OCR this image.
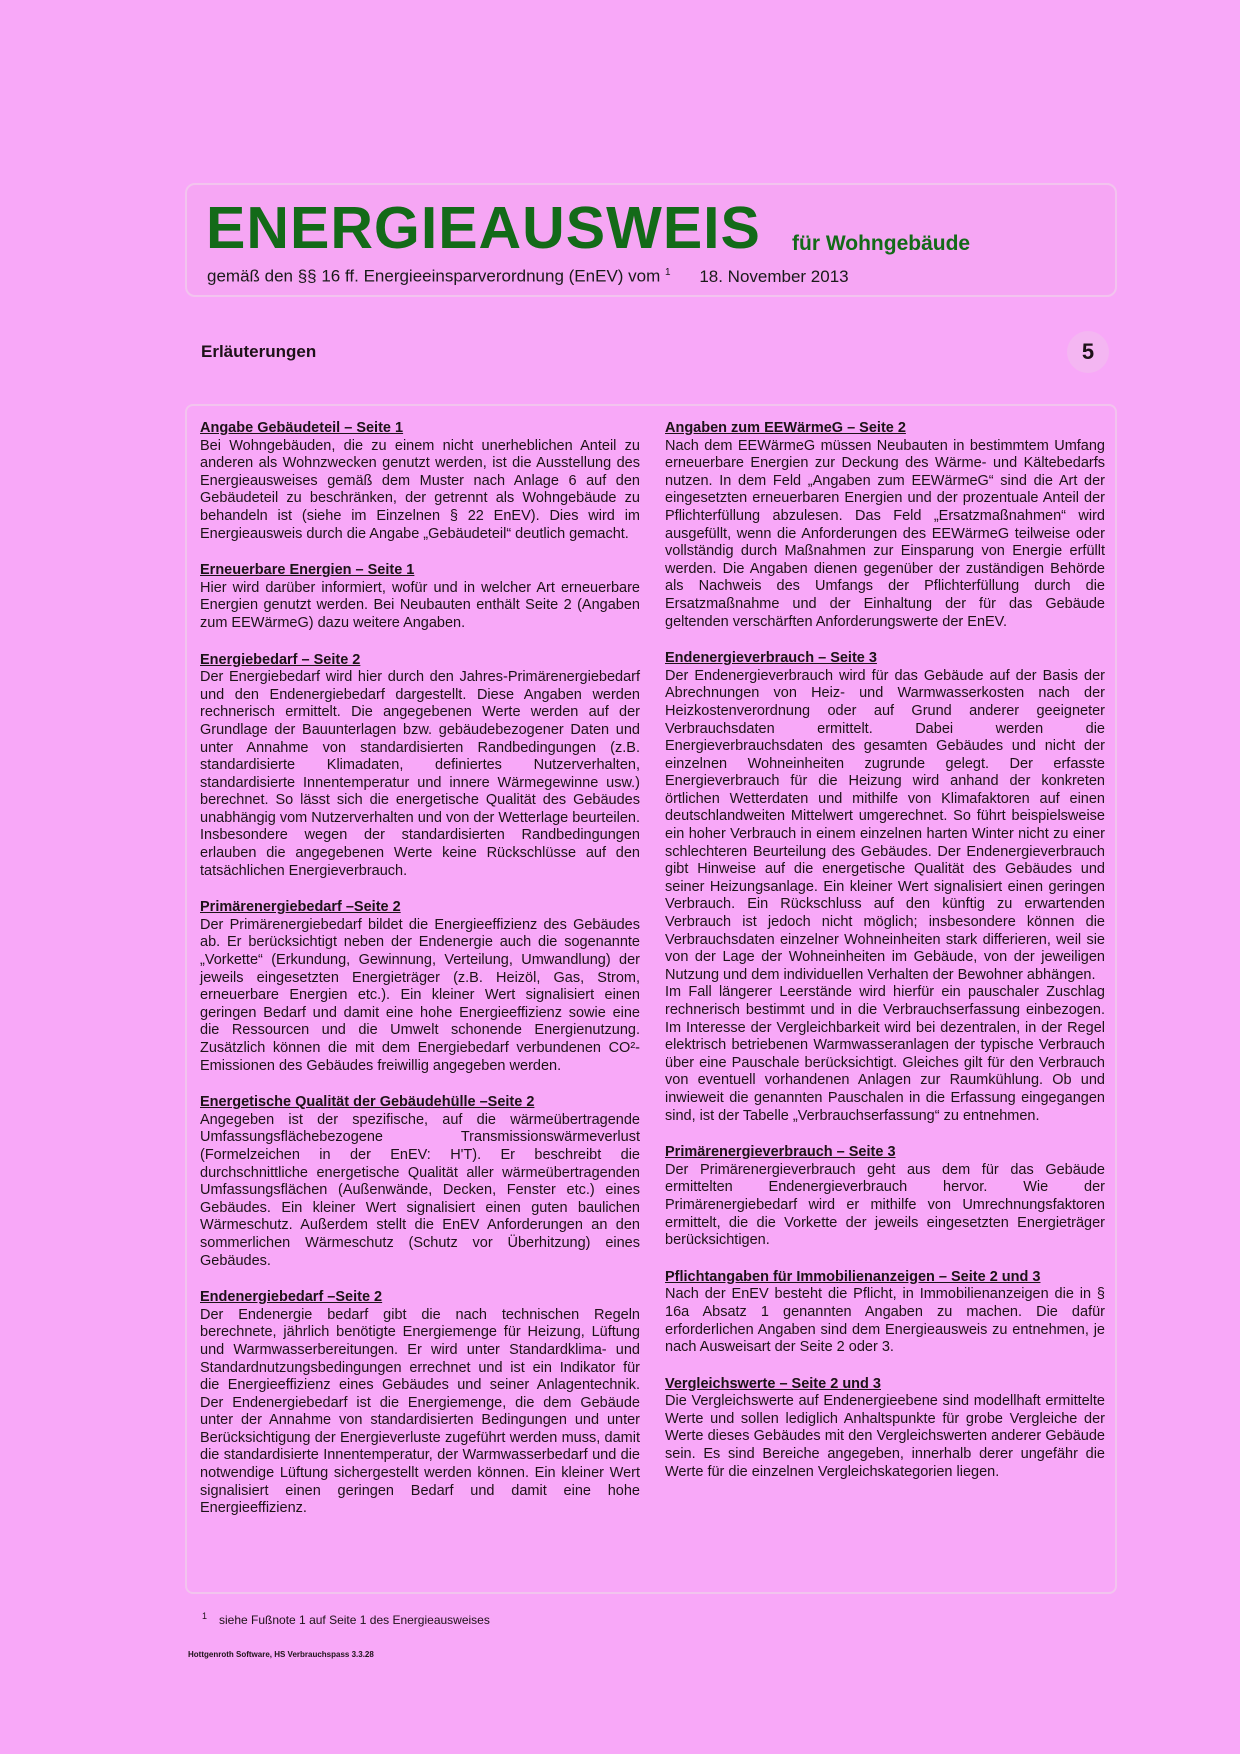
ENERGIEAUSWEIS für Wohngebäude
gemäß den §§ 16 ff. Energieeinsparverordnung (EnEV) vom $^1$ 18. November 2013
Erläuterungen	5
Angabe Gebäudeteil – Seite 1

Bei Wohngebäuden, die zu einem nicht unerheblichen Anteil zu anderen als Wohnzwecken genutzt werden, ist die Ausstellung des Energieausweises gemäß dem Muster nach Anlage 6 auf den Gebäudeteil zu beschränken, der getrennt als Wohngebäude zu behandeln ist (siehe im Einzelnen § 22 EnEV). Dies wird im Energieausweis durch die Angabe „Gebäudeteil“ deutlich gemacht.

Erneuerbare Energien – Seite 1

Hier wird darüber informiert, wofür und in welcher Art erneuerbare Energien genutzt werden. Bei Neubauten enthält Seite 2 (Angaben zum EEWärmeG) dazu weitere Angaben.

Energiebedarf – Seite 2

Der Energiebedarf wird hier durch den Jahres-Primärenergiebedarf und den Endenergiebedarf dargestellt. Diese Angaben werden rechnerisch ermittelt. Die angegebenen Werte werden auf der Grundlage der Bauunterlagen bzw. gebäudebezogener Daten und unter Annahme von standardisierten Randbedingungen (z.B. standardisierte Klimadaten, definiertes Nutzerverhalten, standardisierte Innentemperatur und innere Wärmegewinne usw.) berechnet. So lässt sich die energetische Qualität des Gebäudes unabhängig vom Nutzerverhalten und von der Wetterlage beurteilen. Insbesondere wegen der standardisierten Randbedingungen erlauben die angegebenen Werte keine Rückschlüsse auf den tatsächlichen Energieverbrauch.

Primärenergiebedarf –Seite 2

Der Primärenergiebedarf bildet die Energieeffizienz des Gebäudes ab. Er berücksichtigt neben der Endenergie auch die sogenannte „Vorkette“ (Erkundung, Gewinnung, Verteilung, Umwandlung) der jeweils eingesetzten Energieträger (z.B. Heizöl, Gas, Strom, erneuerbare Energien etc.). Ein kleiner Wert signalisiert einen geringen Bedarf und damit eine hohe Energieeffizienz sowie eine die Ressourcen und die Umwelt schonende Energienutzung. Zusätzlich können die mit dem Energiebedarf verbundenen CO²-Emissionen des Gebäudes freiwillig angegeben werden.

Energetische Qualität der Gebäudehülle –Seite 2

Angegeben ist der spezifische, auf die wärmeübertragende Umfassungsflächebezogene Transmissionswärmeverlust (Formelzeichen in der EnEV: H'T). Er beschreibt die durchschnittliche energetische Qualität aller wärmeübertragenden Umfassungsflächen (Außenwände, Decken, Fenster etc.) eines Gebäudes. Ein kleiner Wert signalisiert einen guten baulichen Wärmeschutz. Außerdem stellt die EnEV Anforderungen an den sommerlichen Wärmeschutz (Schutz vor Überhitzung) eines Gebäudes.

Endenergiebedarf –Seite 2

Der Endenergie bedarf gibt die nach technischen Regeln berechnete, jährlich benötigte Energiemenge für Heizung, Lüftung und Warmwasserbereitungen. Er wird unter Standardklima- und Standardnutzungsbedingungen errechnet und ist ein Indikator für die Energieeffizienz eines Gebäudes und seiner Anlagentechnik. Der Endenergiebedarf ist die Energiemenge, die dem Gebäude unter der Annahme von standardisierten Bedingungen und unter Berücksichtigung der Energieverluste zugeführt werden muss, damit die standardisierte Innentemperatur, der Warmwasserbedarf und die notwendige Lüftung sichergestellt werden können. Ein kleiner Wert signalisiert einen geringen Bedarf und damit eine hohe Energieeffizienz.

Angaben zum EEWärmeG – Seite 2

Nach dem EEWärmeG müssen Neubauten in bestimmtem Umfang erneuerbare Energien zur Deckung des Wärme- und Kältebedarfs nutzen. In dem Feld „Angaben zum EEWärmeG“ sind die Art der eingesetzten erneuerbaren Energien und der prozentuale Anteil der Pflichterfüllung abzulesen. Das Feld „Ersatzmaßnahmen“ wird ausgefüllt, wenn die Anforderungen des EEWärmeG teilweise oder vollständig durch Maßnahmen zur Einsparung von Energie erfüllt werden. Die Angaben dienen gegenüber der zuständigen Behörde als Nachweis des Umfangs der Pflichterfüllung durch die Ersatzmaßnahme und der Einhaltung der für das Gebäude geltenden verschärften Anforderungswerte der EnEV.

Endenergieverbrauch – Seite 3

Der Endenergieverbrauch wird für das Gebäude auf der Basis der Abrechnungen von Heiz- und Warmwasserkosten nach der Heizkostenverordnung oder auf Grund anderer geeigneter Verbrauchsdaten ermittelt. Dabei werden die Energieverbrauchsdaten des gesamten Gebäudes und nicht der einzelnen Wohneinheiten zugrunde gelegt. Der erfasste Energieverbrauch für die Heizung wird anhand der konkreten örtlichen Wetterdaten und mithilfe von Klimafaktoren auf einen deutschlandweiten Mittelwert umgerechnet. So führt beispielsweise ein hoher Verbrauch in einem einzelnen harten Winter nicht zu einer schlechteren Beurteilung des Gebäudes. Der Endenergieverbrauch gibt Hinweise auf die energetische Qualität des Gebäudes und seiner Heizungsanlage. Ein kleiner Wert signalisiert einen geringen Verbrauch. Ein Rückschluss auf den künftig zu erwartenden Verbrauch ist jedoch nicht möglich; insbesondere können die Verbrauchsdaten einzelner Wohneinheiten stark differieren, weil sie von der Lage der Wohneinheiten im Gebäude, von der jeweiligen Nutzung und dem individuellen Verhalten der Bewohner abhängen.

Im Fall längerer Leerstände wird hierfür ein pauschaler Zuschlag rechnerisch bestimmt und in die Verbrauchserfassung einbezogen. Im Interesse der Vergleichbarkeit wird bei dezentralen, in der Regel elektrisch betriebenen Warmwasseranlagen der typische Verbrauch über eine Pauschale berücksichtigt. Gleiches gilt für den Verbrauch von eventuell vorhandenen Anlagen zur Raumkühlung. Ob und inwieweit die genannten Pauschalen in die Erfassung eingegangen sind, ist der Tabelle „Verbrauchserfassung“ zu entnehmen.

Primärenergieverbrauch – Seite 3

Der Primärenergieverbrauch geht aus dem für das Gebäude ermittelten Endenergieverbrauch hervor. Wie der Primärenergiebedarf wird er mithilfe von Umrechnungsfaktoren ermittelt, die die Vorkette der jeweils eingesetzten Energieträger berücksichtigen.

Pflichtangaben für Immobilienanzeigen – Seite 2 und 3

Nach der EnEV besteht die Pflicht, in Immobilienanzeigen die in § 16a Absatz 1 genannten Angaben zu machen. Die dafür erforderlichen Angaben sind dem Energieausweis zu entnehmen, je nach Ausweisart der Seite 2 oder 3.

Vergleichswerte – Seite 2 und 3

Die Vergleichswerte auf Endenergieebene sind modellhaft ermittelte Werte und sollen lediglich Anhaltspunkte für grobe Vergleiche der Werte dieses Gebäudes mit den Vergleichswerten anderer Gebäude sein. Es sind Bereiche angegeben, innerhalb derer ungefähr die Werte für die einzelnen Vergleichskategorien liegen.

$^1$ siehe Fußnote 1 auf Seite 1 des Energieausweises
Hottgenroth Software, HS Verbrauchspass 3.3.28
